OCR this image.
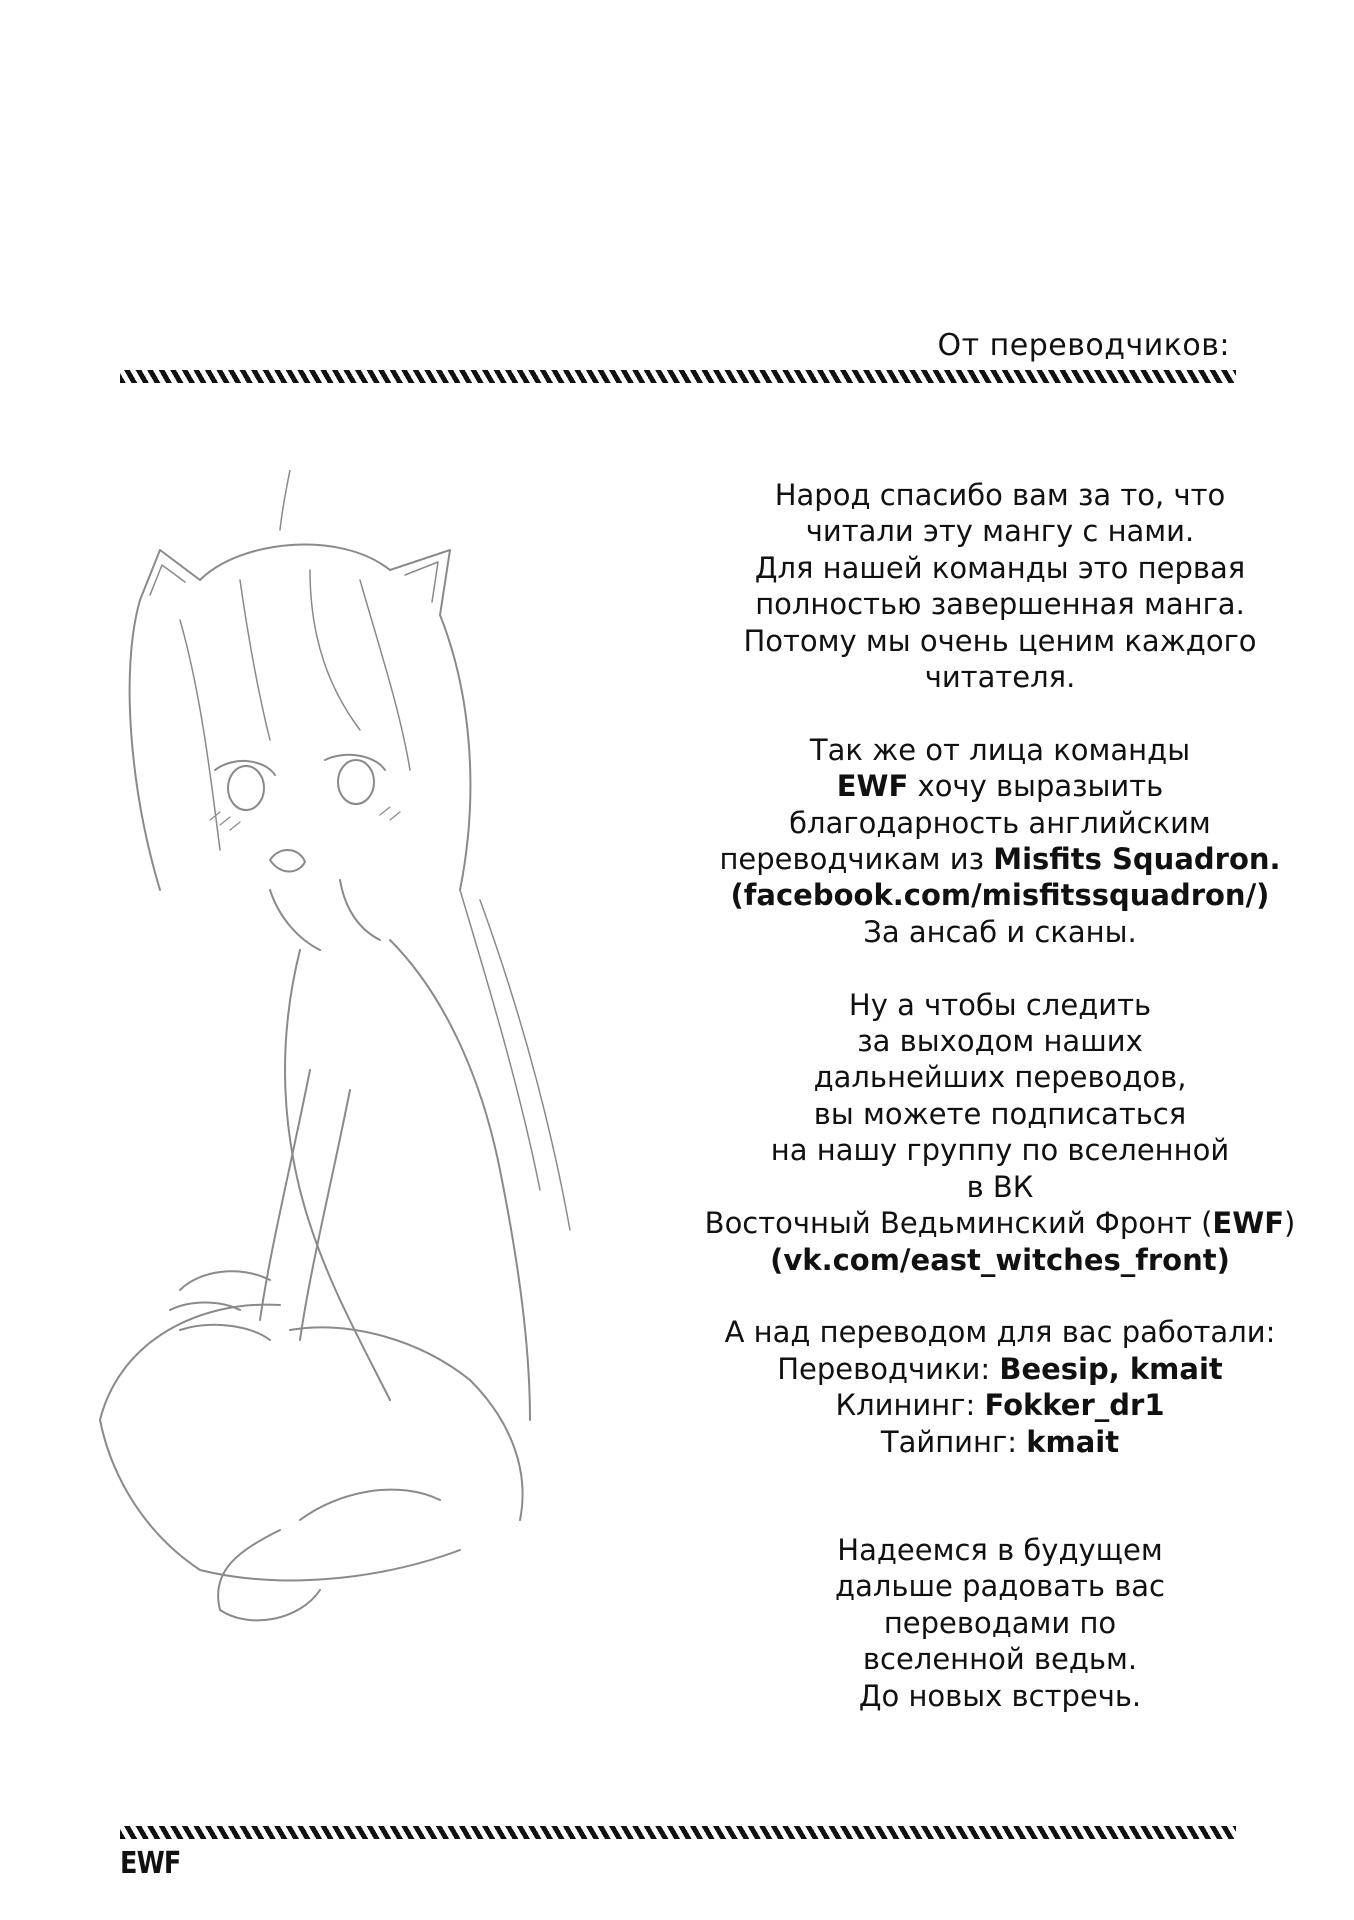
От переводчиков:
Народ спасибо вам за то, что
читали эту мангу с нами.
Для нашей команды это первая
полностью завершенная манга.
Потому мы очень ценим каждого
читателя.
Так же от лица команды
EWF хочу выразыить
благодарность английским
переводчикам из Misfits Squadron.
(facebook.com/misfitssquadron/)
За ансаб и сканы.
Ну а чтобы следить
за выходом наших
дальнейших переводов,
вы можете подписаться
на нашу группу по вселенной
в ВК
Восточный Ведьминский Фронт (EWF)
(vk.com/east_witches_front)
А над переводом для вас работали:
Переводчики: Beesip, kmait
Клининг: Fokker_dr1
Тайпинг: kmait
Надеемся в будущем
дальше радовать вас
переводами по
вселенной ведьм.
До новых встречь.
EWF
